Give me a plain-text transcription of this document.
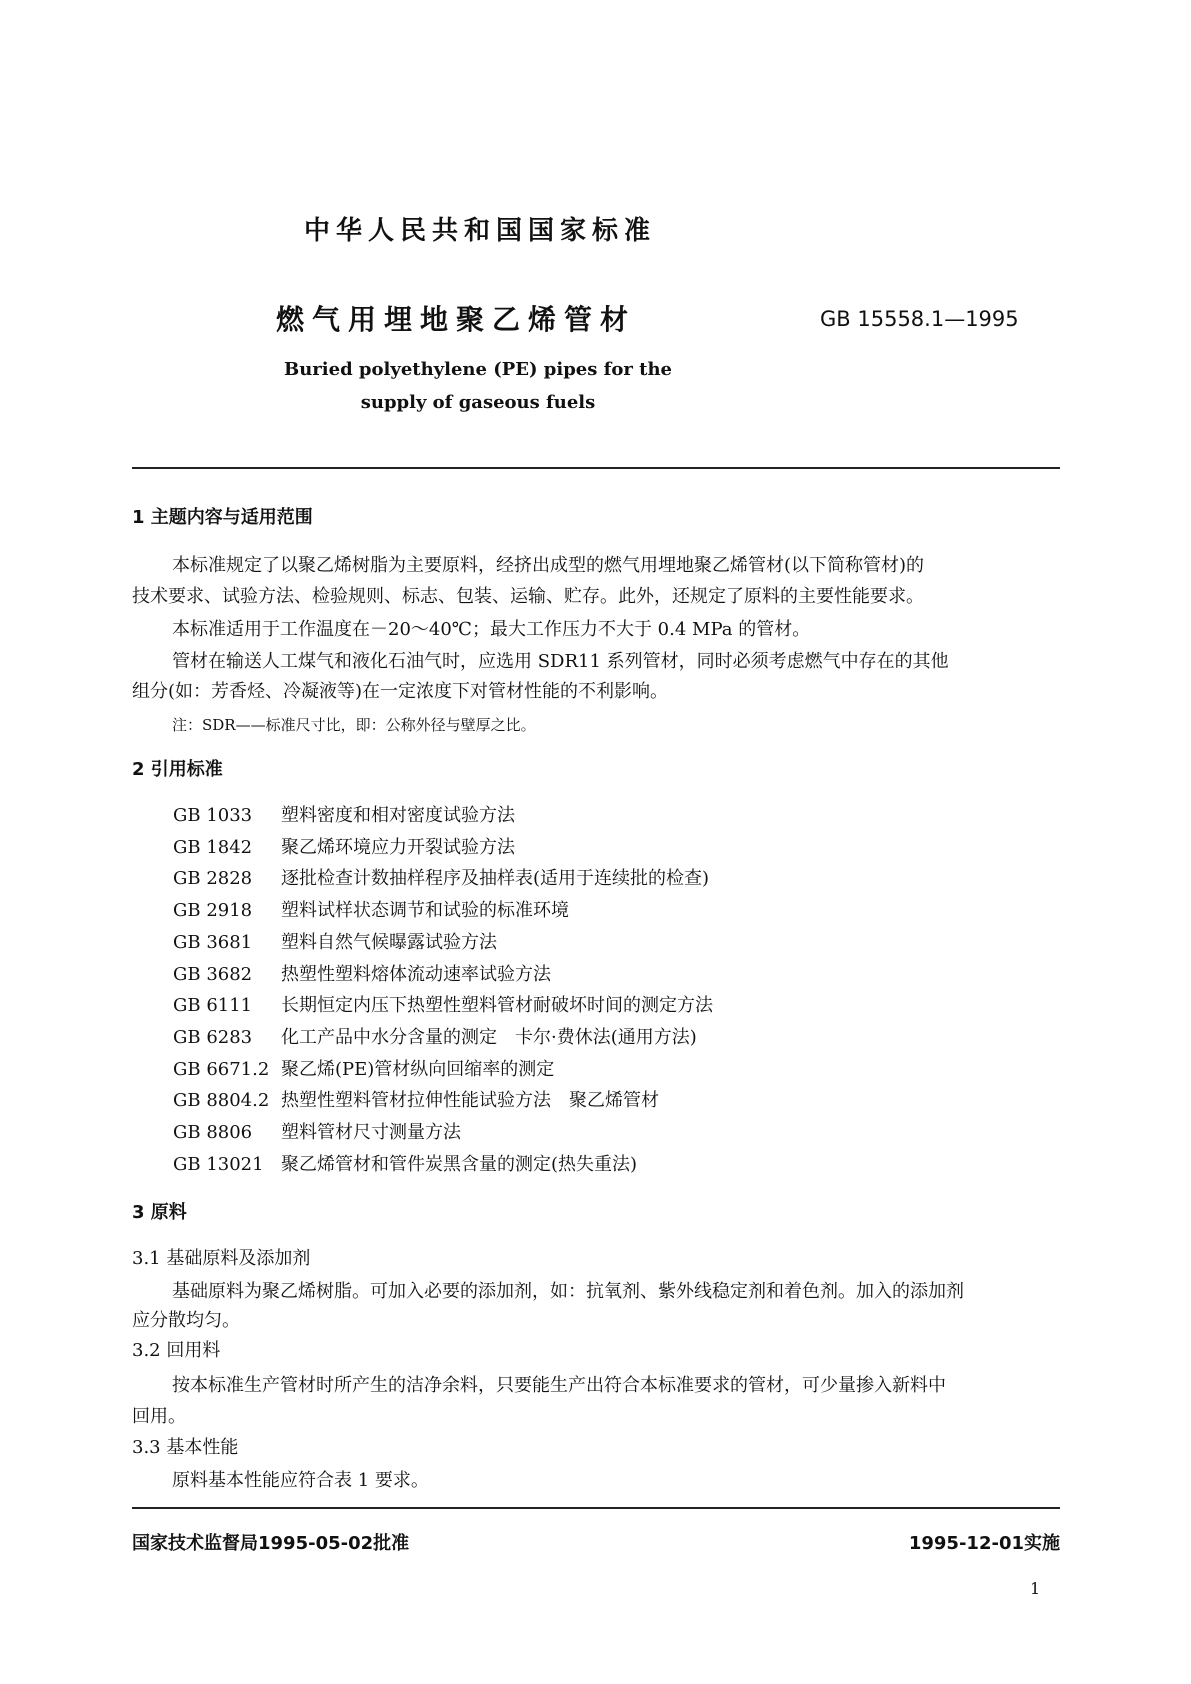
中华人民共和国国家标准
燃气用埋地聚乙烯管材	GB 15558.1—1995
Buried polyethylene (PE) pipes for the
supply of gaseous fuels
1 主题内容与适用范围
本标准规定了以聚乙烯树脂为主要原料，经挤出成型的燃气用埋地聚乙烯管材(以下简称管材)的
技术要求、试验方法、检验规则、标志、包装、运输、贮存。此外，还规定了原料的主要性能要求。
本标准适用于工作温度在－20～40℃；最大工作压力不大于 0.4 MPa 的管材。
管材在输送人工煤气和液化石油气时，应选用 SDR11 系列管材，同时必须考虑燃气中存在的其他
组分(如：芳香烃、冷凝液等)在一定浓度下对管材性能的不利影响。
注：SDR——标准尺寸比，即：公称外径与壁厚之比。
2 引用标准
GB 1033 塑料密度和相对密度试验方法
GB 1842 聚乙烯环境应力开裂试验方法
GB 2828 逐批检查计数抽样程序及抽样表(适用于连续批的检查)
GB 2918 塑料试样状态调节和试验的标准环境
GB 3681 塑料自然气候曝露试验方法
GB 3682 热塑性塑料熔体流动速率试验方法
GB 6111 长期恒定内压下热塑性塑料管材耐破坏时间的测定方法
GB 6283 化工产品中水分含量的测定　卡尔·费休法(通用方法)
GB 6671.2 聚乙烯(PE)管材纵向回缩率的测定
GB 8804.2 热塑性塑料管材拉伸性能试验方法　聚乙烯管材
GB 8806 塑料管材尺寸测量方法
GB 13021 聚乙烯管材和管件炭黑含量的测定(热失重法)
3 原料
3.1 基础原料及添加剂
基础原料为聚乙烯树脂。可加入必要的添加剂，如：抗氧剂、紫外线稳定剂和着色剂。加入的添加剂
应分散均匀。
3.2 回用料
按本标准生产管材时所产生的洁净余料，只要能生产出符合本标准要求的管材，可少量掺入新料中
回用。
3.3 基本性能
原料基本性能应符合表 1 要求。
国家技术监督局1995-05-02批准	1995-12-01实施
1
